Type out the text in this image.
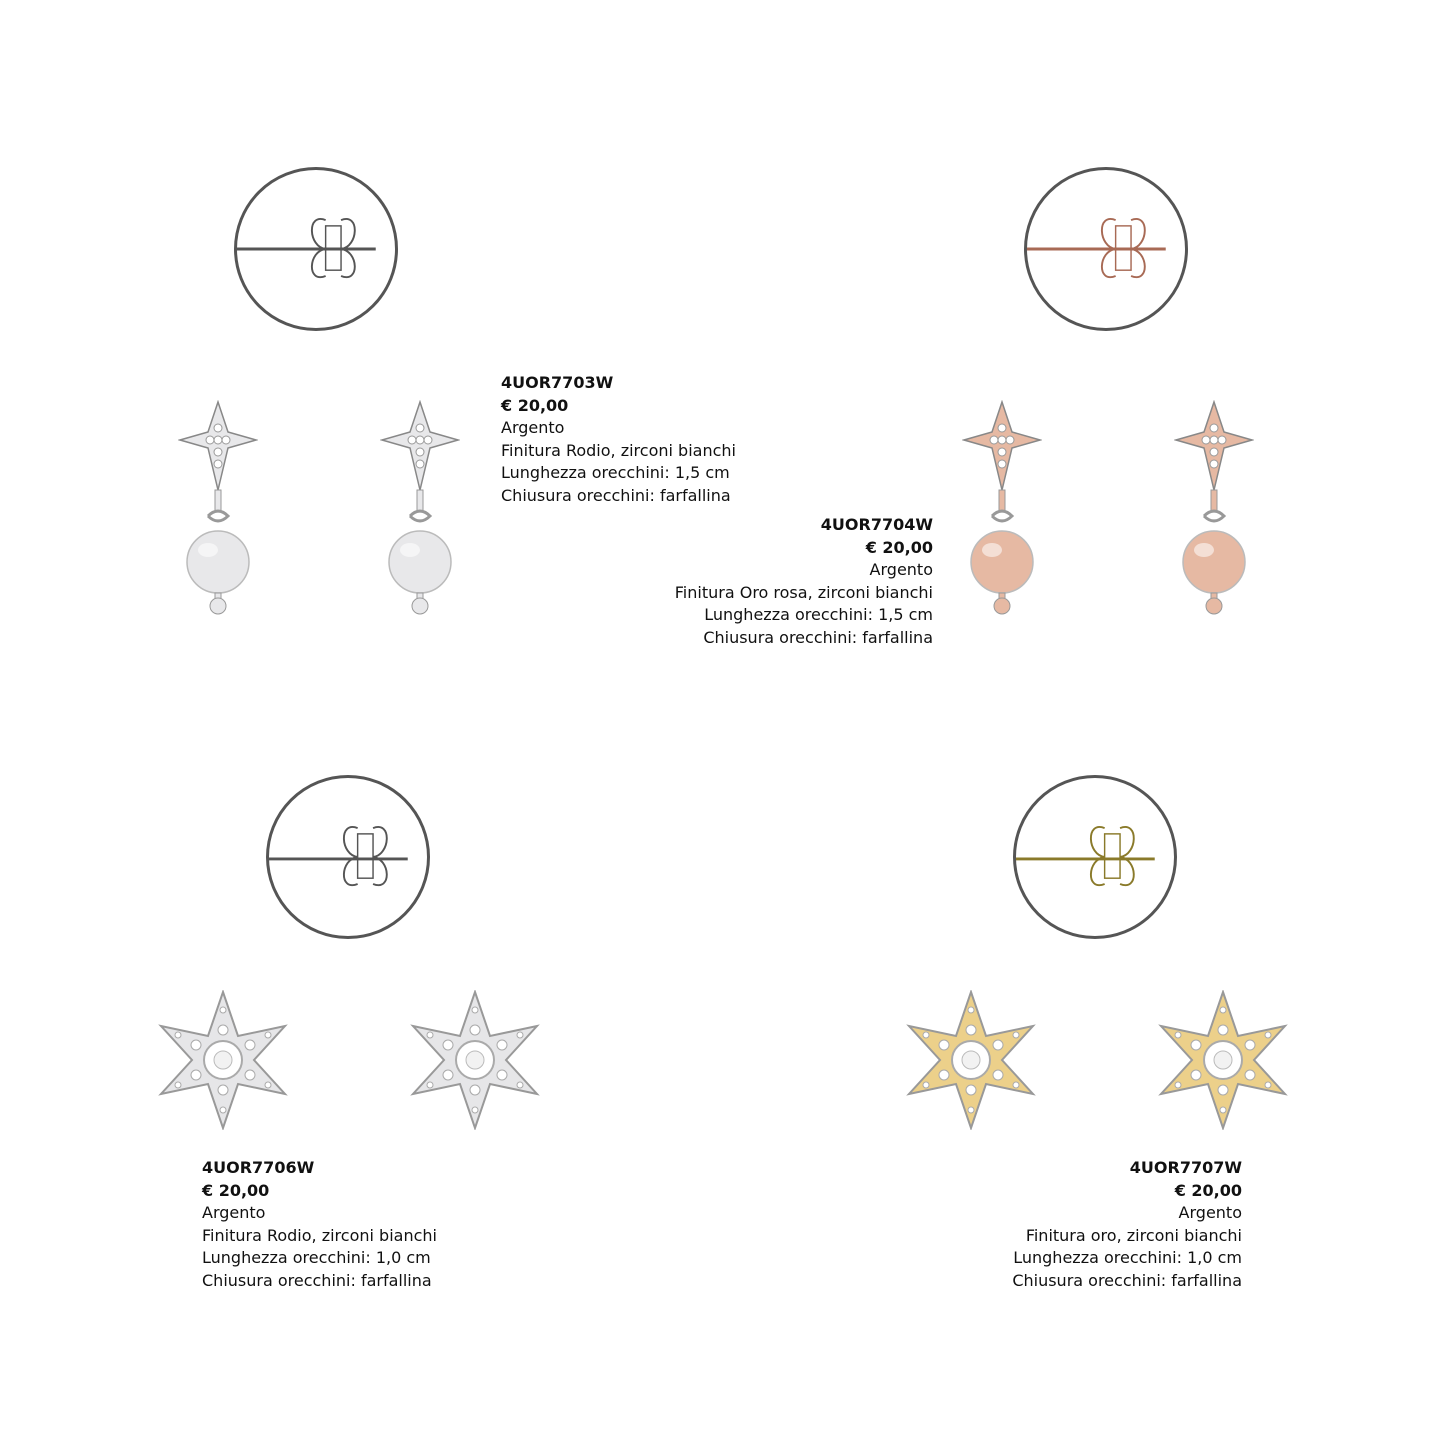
4UOR7703W
€ 20,00
Argento
Finitura Rodio, zirconi bianchi
Lunghezza orecchini: 1,5 cm
Chiusura orecchini: farfallina
4UOR7704W
€ 20,00
Argento
Finitura Oro rosa, zirconi bianchi
Lunghezza orecchini: 1,5 cm
Chiusura orecchini: farfallina
4UOR7706W
€ 20,00
Argento
Finitura Rodio, zirconi bianchi
Lunghezza orecchini: 1,0 cm
Chiusura orecchini: farfallina
4UOR7707W
€ 20,00
Argento
Finitura oro, zirconi bianchi
Lunghezza orecchini: 1,0 cm
Chiusura orecchini: farfallina
